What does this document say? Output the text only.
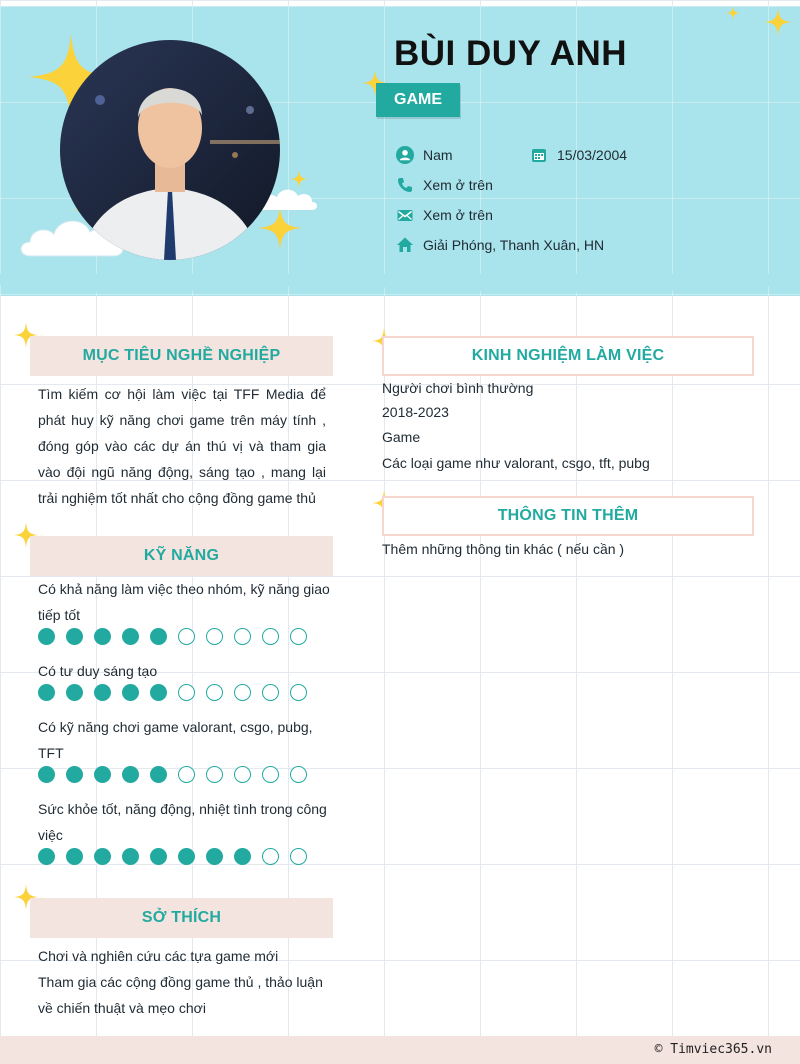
BÙI DUY ANH
GAME
Nam	15/03/2004
Xem ở trên
Xem ở trên
Giải Phóng, Thanh Xuân, HN
MỤC TIÊU NGHỀ NGHIỆP
Tìm kiếm cơ hội làm việc tại TFF Media để phát huy kỹ năng chơi game trên máy tính , đóng góp vào các dự án thú vị và tham gia vào đội ngũ năng động, sáng tạo , mang lại trải nghiệm tốt nhất cho cộng đồng game thủ
KỸ NĂNG
Có khả năng làm việc theo nhóm, kỹ năng giao tiếp tốt
Có tư duy sáng tạo
Có kỹ năng chơi game valorant, csgo, pubg, TFT
Sức khỏe tốt, năng động, nhiệt tình trong công việc
SỞ THÍCH
Chơi và nghiên cứu các tựa game mới
Tham gia các cộng đồng game thủ , thảo luận về chiến thuật và mẹo chơi
KINH NGHIỆM LÀM VIỆC
Người chơi bình thường
2018-2023
Game
Các loại game như valorant, csgo, tft, pubg
THÔNG TIN THÊM
Thêm những thông tin khác ( nếu cần )
© Timviec365.vn
